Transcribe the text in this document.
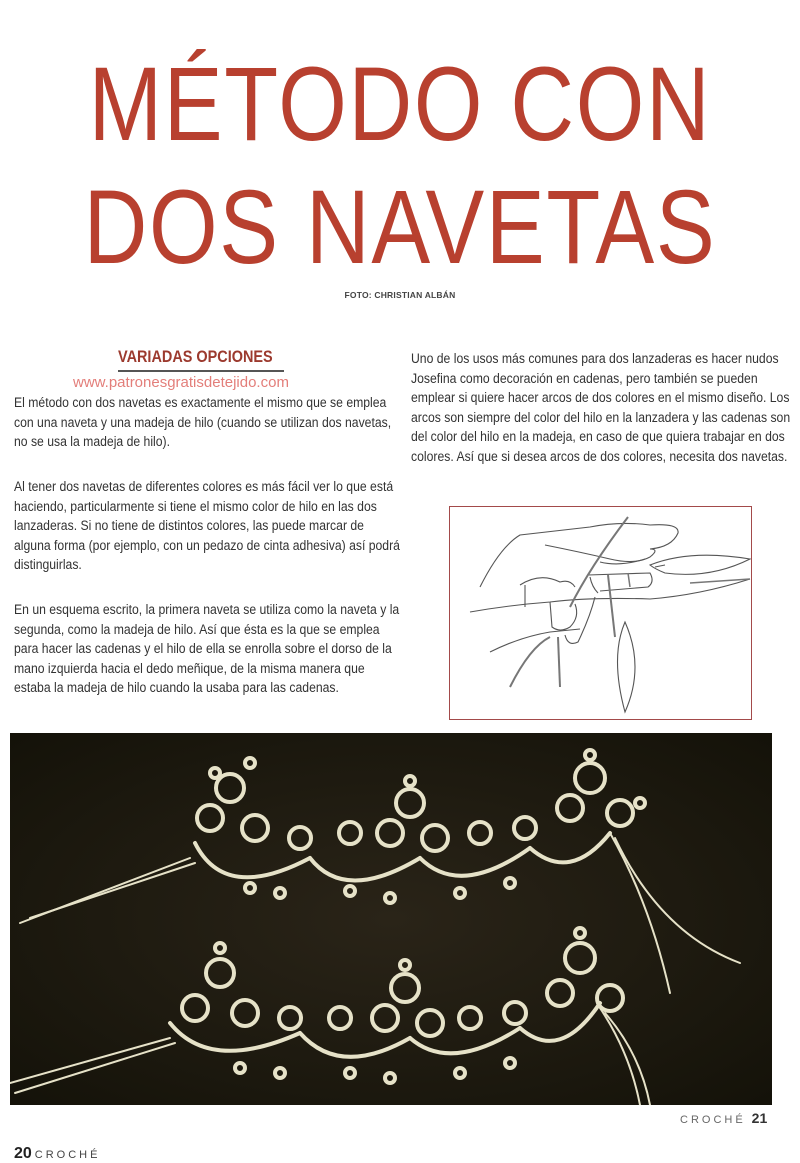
MÉTODO CON
DOS NAVETAS
FOTO: CHRISTIAN ALBÁN
VARIADAS OPCIONES
www.patronesgratisdetejido.com
El método con dos navetas es exactamente el mismo que se emplea con una naveta y una madeja de hilo (cuando se utilizan dos navetas, no se usa la madeja de hilo).
Al tener dos navetas de diferentes colores es más fácil ver lo que está haciendo, particularmente si tiene el mismo color de hilo en las dos lanzaderas. Si no tiene de distintos colores, las puede marcar de alguna forma (por ejemplo, con un pedazo de cinta adhesiva) así podrá distinguirlas.
En un esquema escrito, la primera naveta se utiliza como la naveta y la segunda, como la madeja de hilo. Así que ésta es la que se emplea para hacer las cadenas y el hilo de ella se enrolla sobre el dorso de la mano izquierda hacia el dedo meñique, de la misma manera que estaba la madeja de hilo cuando la usaba para las cadenas.
Uno de los usos más comunes para dos lanzaderas es hacer nudos Josefina como decoración en cadenas, pero también se pueden emplear si quiere hacer arcos de dos colores en el mismo diseño. Los arcos son siempre del color del hilo en la lanzadera y las cadenas son del color del hilo en la madeja, en caso de que quiera trabajar en dos colores. Así que si desea arcos de dos colores, necesita dos navetas.
CROCHÉ 21
20 CROCHÉ
